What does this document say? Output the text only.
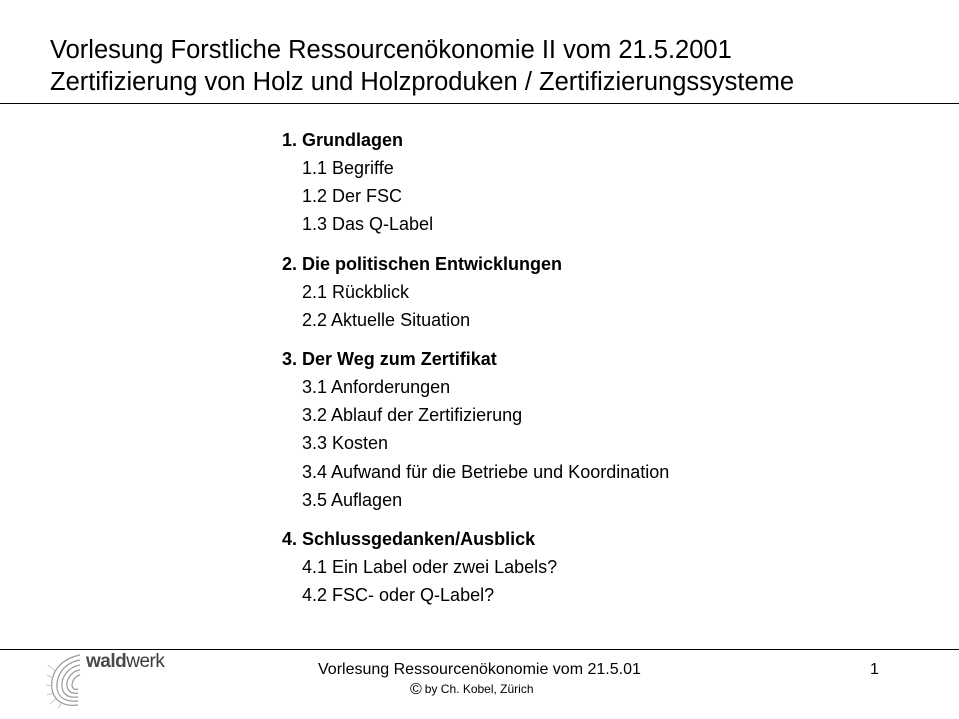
Vorlesung Forstliche Ressourcenökonomie II vom 21.5.2001
Zertifizierung von Holz und Holzproduken / Zertifizierungssysteme
1. Grundlagen
1.1 Begriffe
1.2 Der FSC
1.3 Das Q-Label
2. Die politischen Entwicklungen
2.1 Rückblick
2.2 Aktuelle Situation
3. Der Weg zum Zertifikat
3.1 Anforderungen
3.2 Ablauf der Zertifizierung
3.3 Kosten
3.4 Aufwand für die Betriebe und Koordination
3.5 Auflagen
4. Schlussgedanken/Ausblick
4.1 Ein Label oder zwei Labels?
4.2 FSC- oder Q-Label?
waldwerk	Vorlesung Ressourcenökonomie vom 21.5.01
© by Ch. Kobel, Zürich
1
